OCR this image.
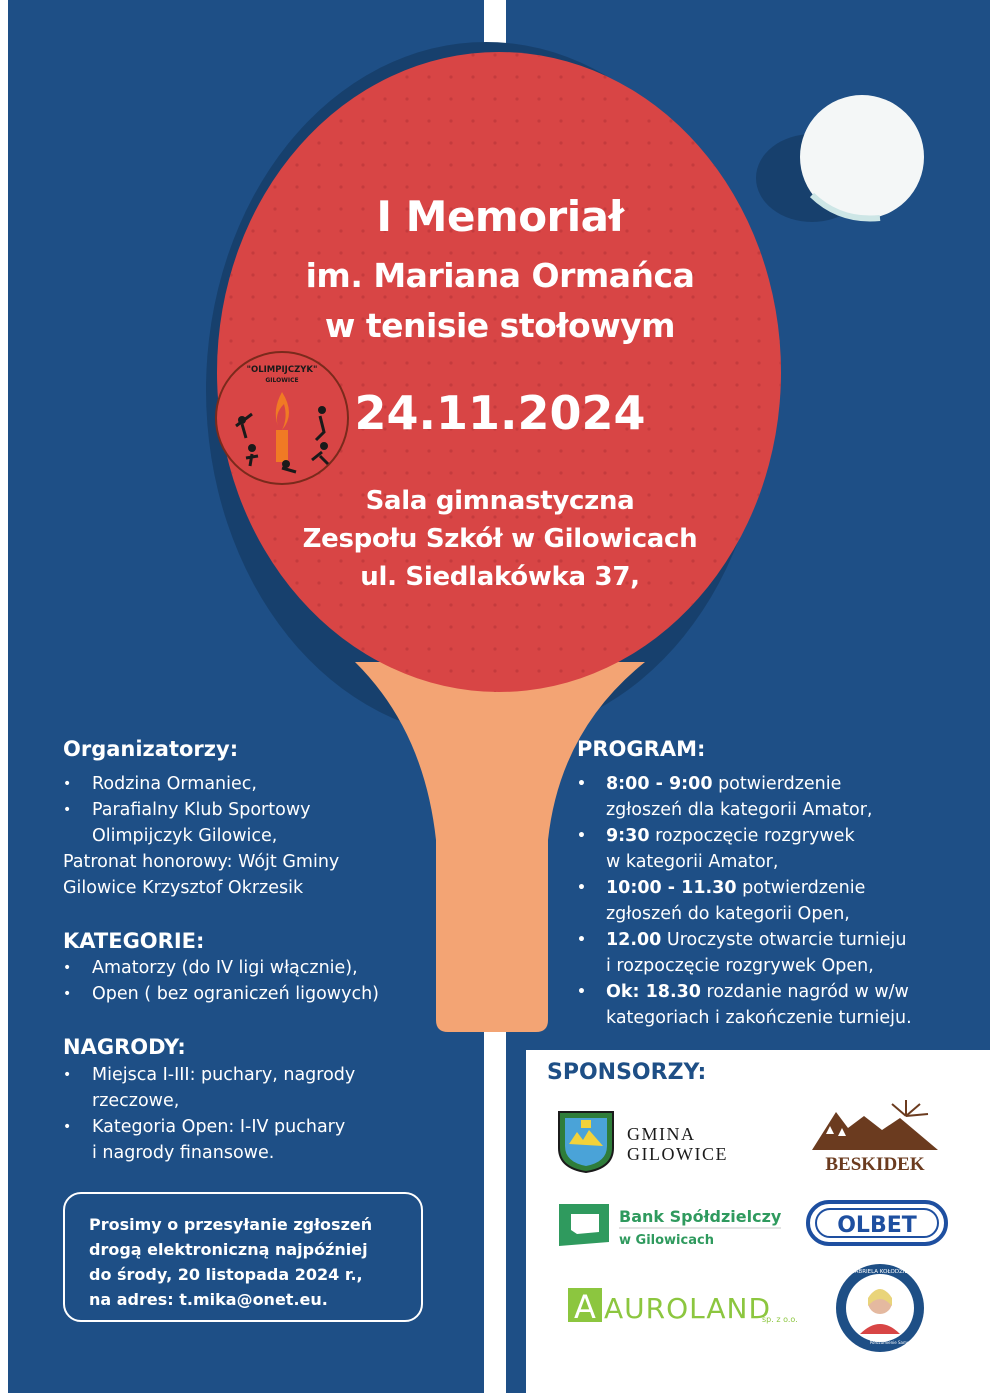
"OLIMPIJCZYK"
GILOWICE
I Memoriał
im. Mariana Ormańca
w tenisie stołowym
24.11.2024
Sala gimnastyczna
Zespołu Szkół w Gilowicach
ul. Siedlakówka 37,
Organizatorzy:
• Rodzina Ormaniec,
• Parafialny Klub Sportowy
Olimpijczyk Gilowice,
Patronat honorowy: Wójt Gminy
Gilowice Krzysztof Okrzesik
KATEGORIE:
• Amatorzy (do IV ligi włącznie),
• Open ( bez ograniczeń ligowych)
NAGRODY:
• Miejsca I-III: puchary, nagrody
rzeczowe,
• Kategoria Open: I-IV puchary
i nagrody finansowe.
Prosimy o przesyłanie zgłoszeń
drogą elektroniczną najpóźniej
do środy, 20 listopada 2024 r.,
na adres: t.mika@onet.eu.
PROGRAM:
• 8:00 - 9:00 potwierdzenie
zgłoszeń dla kategorii Amator,
• 9:30 rozpoczęcie rozgrywek
w kategorii Amator,
• 10:00 - 11.30 potwierdzenie
zgłoszeń do kategorii Open,
• 12.00 Uroczyste otwarcie turnieju
i rozpoczęcie rozgrywek Open,
• Ok: 18.30 rozdanie nagród w w/w
kategoriach i zakończenie turnieju.
SPONSORZY:
GMINA
GILOWICE	BESKIDEK
Bank Spółdzielczy
w Gilowicach
OLBET
A AUROLAND
sp. z o.o.
GABRIELA KOŁODZIEJ
Porozumienie Samorządowe
